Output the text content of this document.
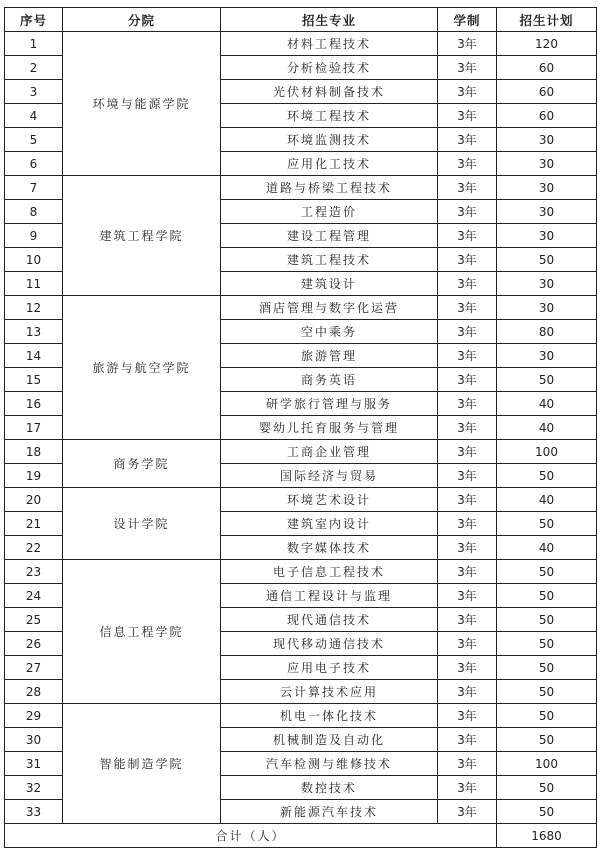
序号	分院	招生专业	学制	招生计划
1	环境与能源学院	材料工程技术	3年	120
2		分析检验技术	3年	60
3		光伏材料制备技术	3年	60
4		环境工程技术	3年	60
5		环境监测技术	3年	30
6		应用化工技术	3年	30
7	建筑工程学院	道路与桥梁工程技术	3年	30
8		工程造价	3年	30
9		建设工程管理	3年	30
10		建筑工程技术	3年	50
11		建筑设计	3年	30
12	旅游与航空学院	酒店管理与数字化运营	3年	30
13		空中乘务	3年	80
14		旅游管理	3年	30
15		商务英语	3年	50
16		研学旅行管理与服务	3年	40
17		婴幼儿托育服务与管理	3年	40
18	商务学院	工商企业管理	3年	100
19		国际经济与贸易	3年	50
20	设计学院	环境艺术设计	3年	40
21		建筑室内设计	3年	50
22		数字媒体技术	3年	40
23	信息工程学院	电子信息工程技术	3年	50
24		通信工程设计与监理	3年	50
25		现代通信技术	3年	50
26		现代移动通信技术	3年	50
27		应用电子技术	3年	50
28		云计算技术应用	3年	50
29	智能制造学院	机电一体化技术	3年	50
30		机械制造及自动化	3年	50
31		汽车检测与维修技术	3年	100
32		数控技术	3年	50
33		新能源汽车技术	3年	50
合计（人）				1680
